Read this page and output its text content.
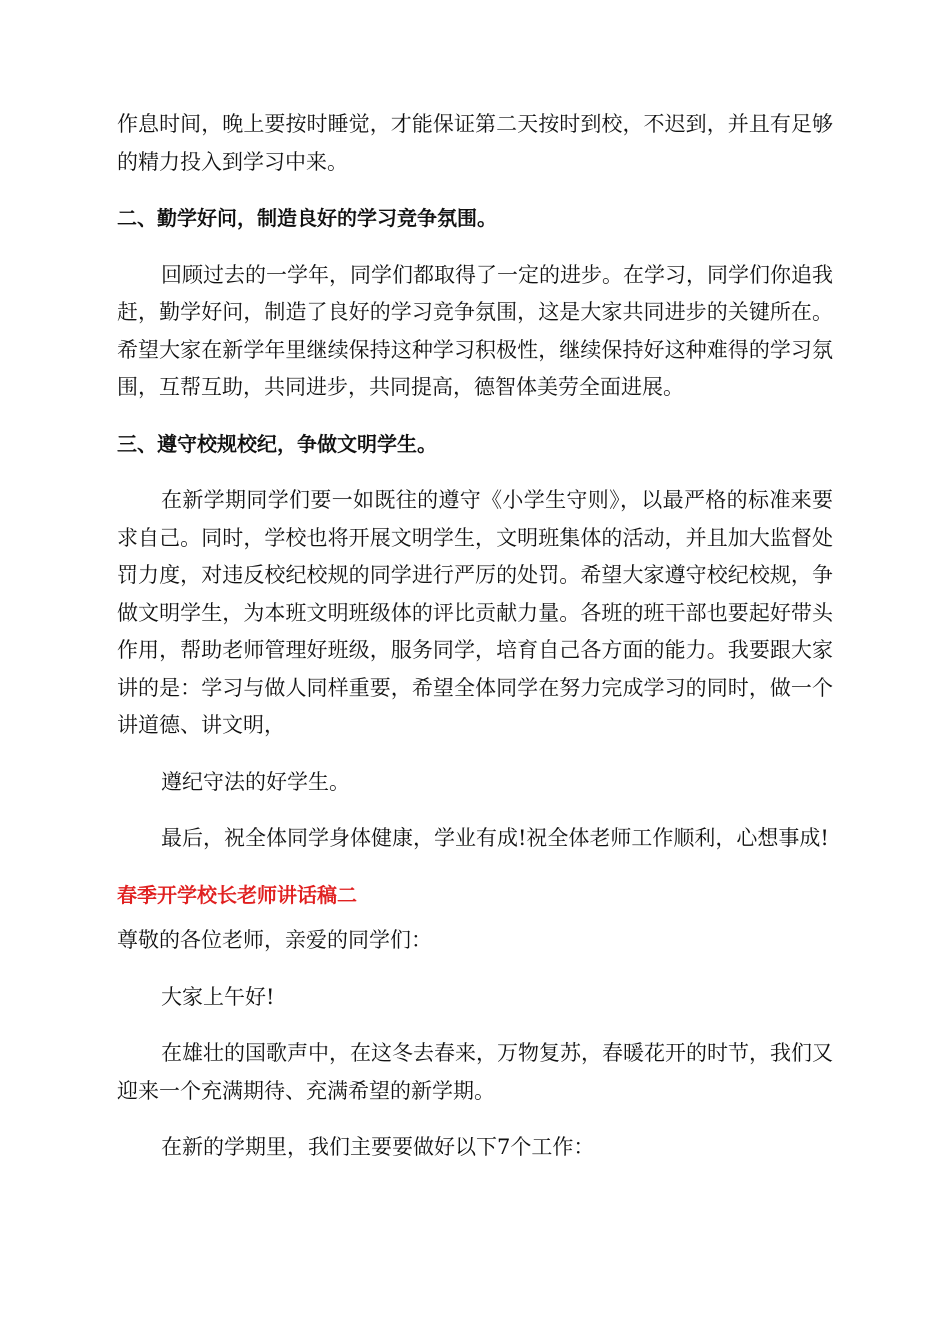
作息时间，晚上要按时睡觉，才能保证第二天按时到校，不迟到，并且有足够的精力投入到学习中来。

二、勤学好问，制造良好的学习竞争氛围。

回顾过去的一学年，同学们都取得了一定的进步。在学习，同学们你追我赶，勤学好问，制造了良好的学习竞争氛围，这是大家共同进步的关键所在。希望大家在新学年里继续保持这种学习积极性，继续保持好这种难得的学习氛围，互帮互助，共同进步，共同提高，德智体美劳全面进展。

三、遵守校规校纪，争做文明学生。

在新学期同学们要一如既往的遵守《小学生守则》，以最严格的标准来要求自己。同时，学校也将开展文明学生，文明班集体的活动，并且加大监督处罚力度，对违反校纪校规的同学进行严厉的处罚。希望大家遵守校纪校规，争做文明学生，为本班文明班级体的评比贡献力量。各班的班干部也要起好带头作用，帮助老师管理好班级，服务同学，培育自己各方面的能力。我要跟大家讲的是：学习与做人同样重要，希望全体同学在努力完成学习的同时，做一个讲道德、讲文明，

遵纪守法的好学生。

最后，祝全体同学身体健康，学业有成!祝全体老师工作顺利，心想事成!

春季开学校长老师讲话稿二

尊敬的各位老师，亲爱的同学们：

大家上午好!

在雄壮的国歌声中，在这冬去春来，万物复苏，春暖花开的时节，我们又迎来一个充满期待、充满希望的新学期。

在新的学期里，我们主要要做好以下7个工作：
